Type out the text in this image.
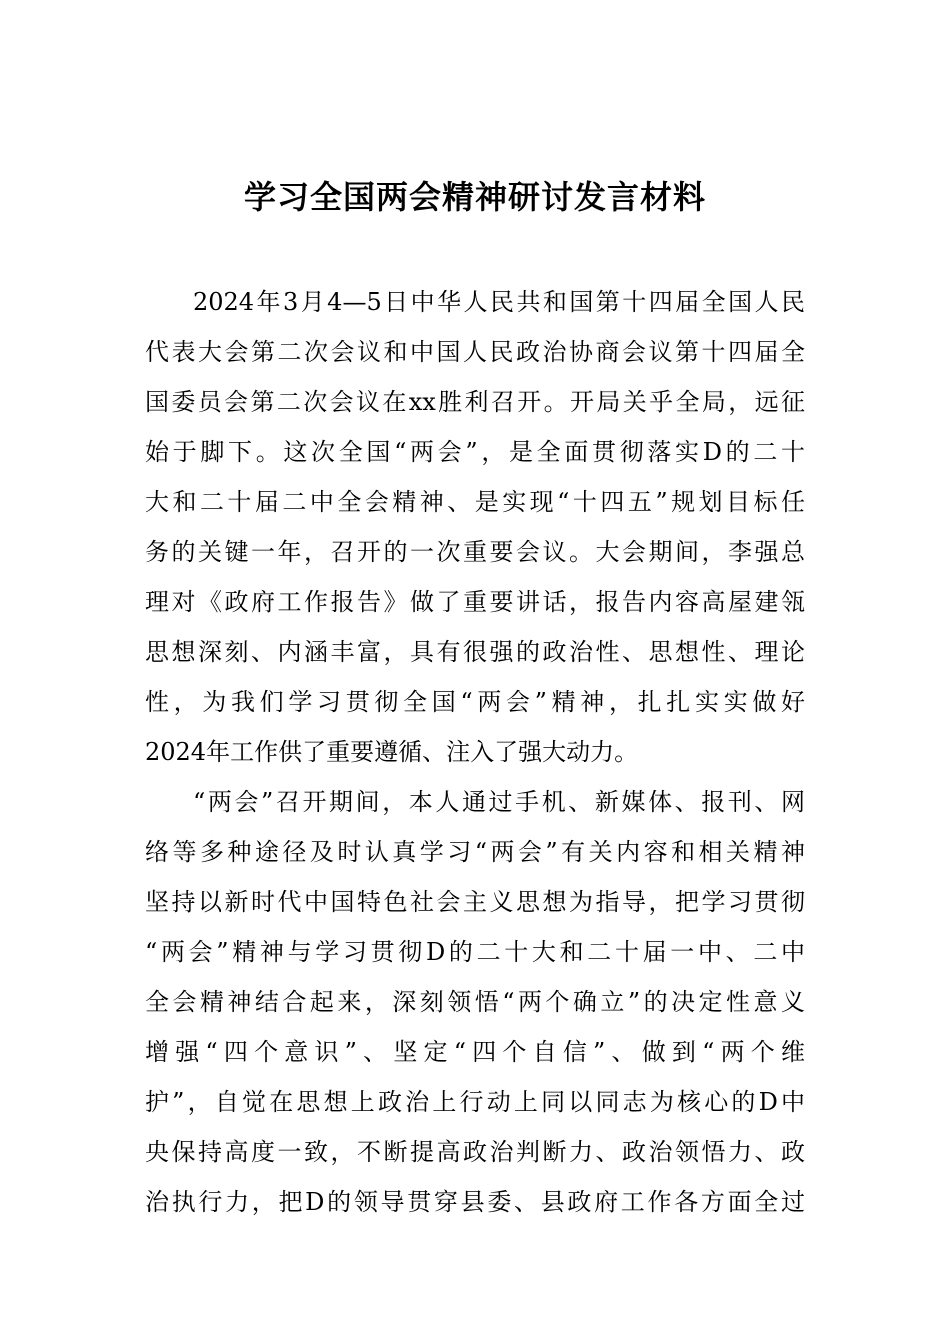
学习全国两会精神研讨发言材料
2024年3月4—5日中华人民共和国第十四届全国人民
代表大会第二次会议和中国人民政治协商会议第十四届全
国委员会第二次会议在xx胜利召开。开局关乎全局，远征
始于脚下。这次全国“两会”，是全面贯彻落实D的二十
大和二十届二中全会精神、是实现“十四五”规划目标任
务的关键一年，召开的一次重要会议。大会期间，李强总
理对《政府工作报告》做了重要讲话，报告内容高屋建瓴
思想深刻、内涵丰富，具有很强的政治性、思想性、理论
性，为我们学习贯彻全国“两会”精神，扎扎实实做好
2024年工作供了重要遵循、注入了强大动力。
“两会”召开期间，本人通过手机、新媒体、报刊、网
络等多种途径及时认真学习“两会”有关内容和相关精神
坚持以新时代中国特色社会主义思想为指导，把学习贯彻
“两会”精神与学习贯彻D的二十大和二十届一中、二中
全会精神结合起来，深刻领悟“两个确立”的决定性意义
增强“四个意识”、坚定“四个自信”、做到“两个维
护”，自觉在思想上政治上行动上同以同志为核心的D中
央保持高度一致，不断提高政治判断力、政治领悟力、政
治执行力，把D的领导贯穿县委、县政府工作各方面全过
